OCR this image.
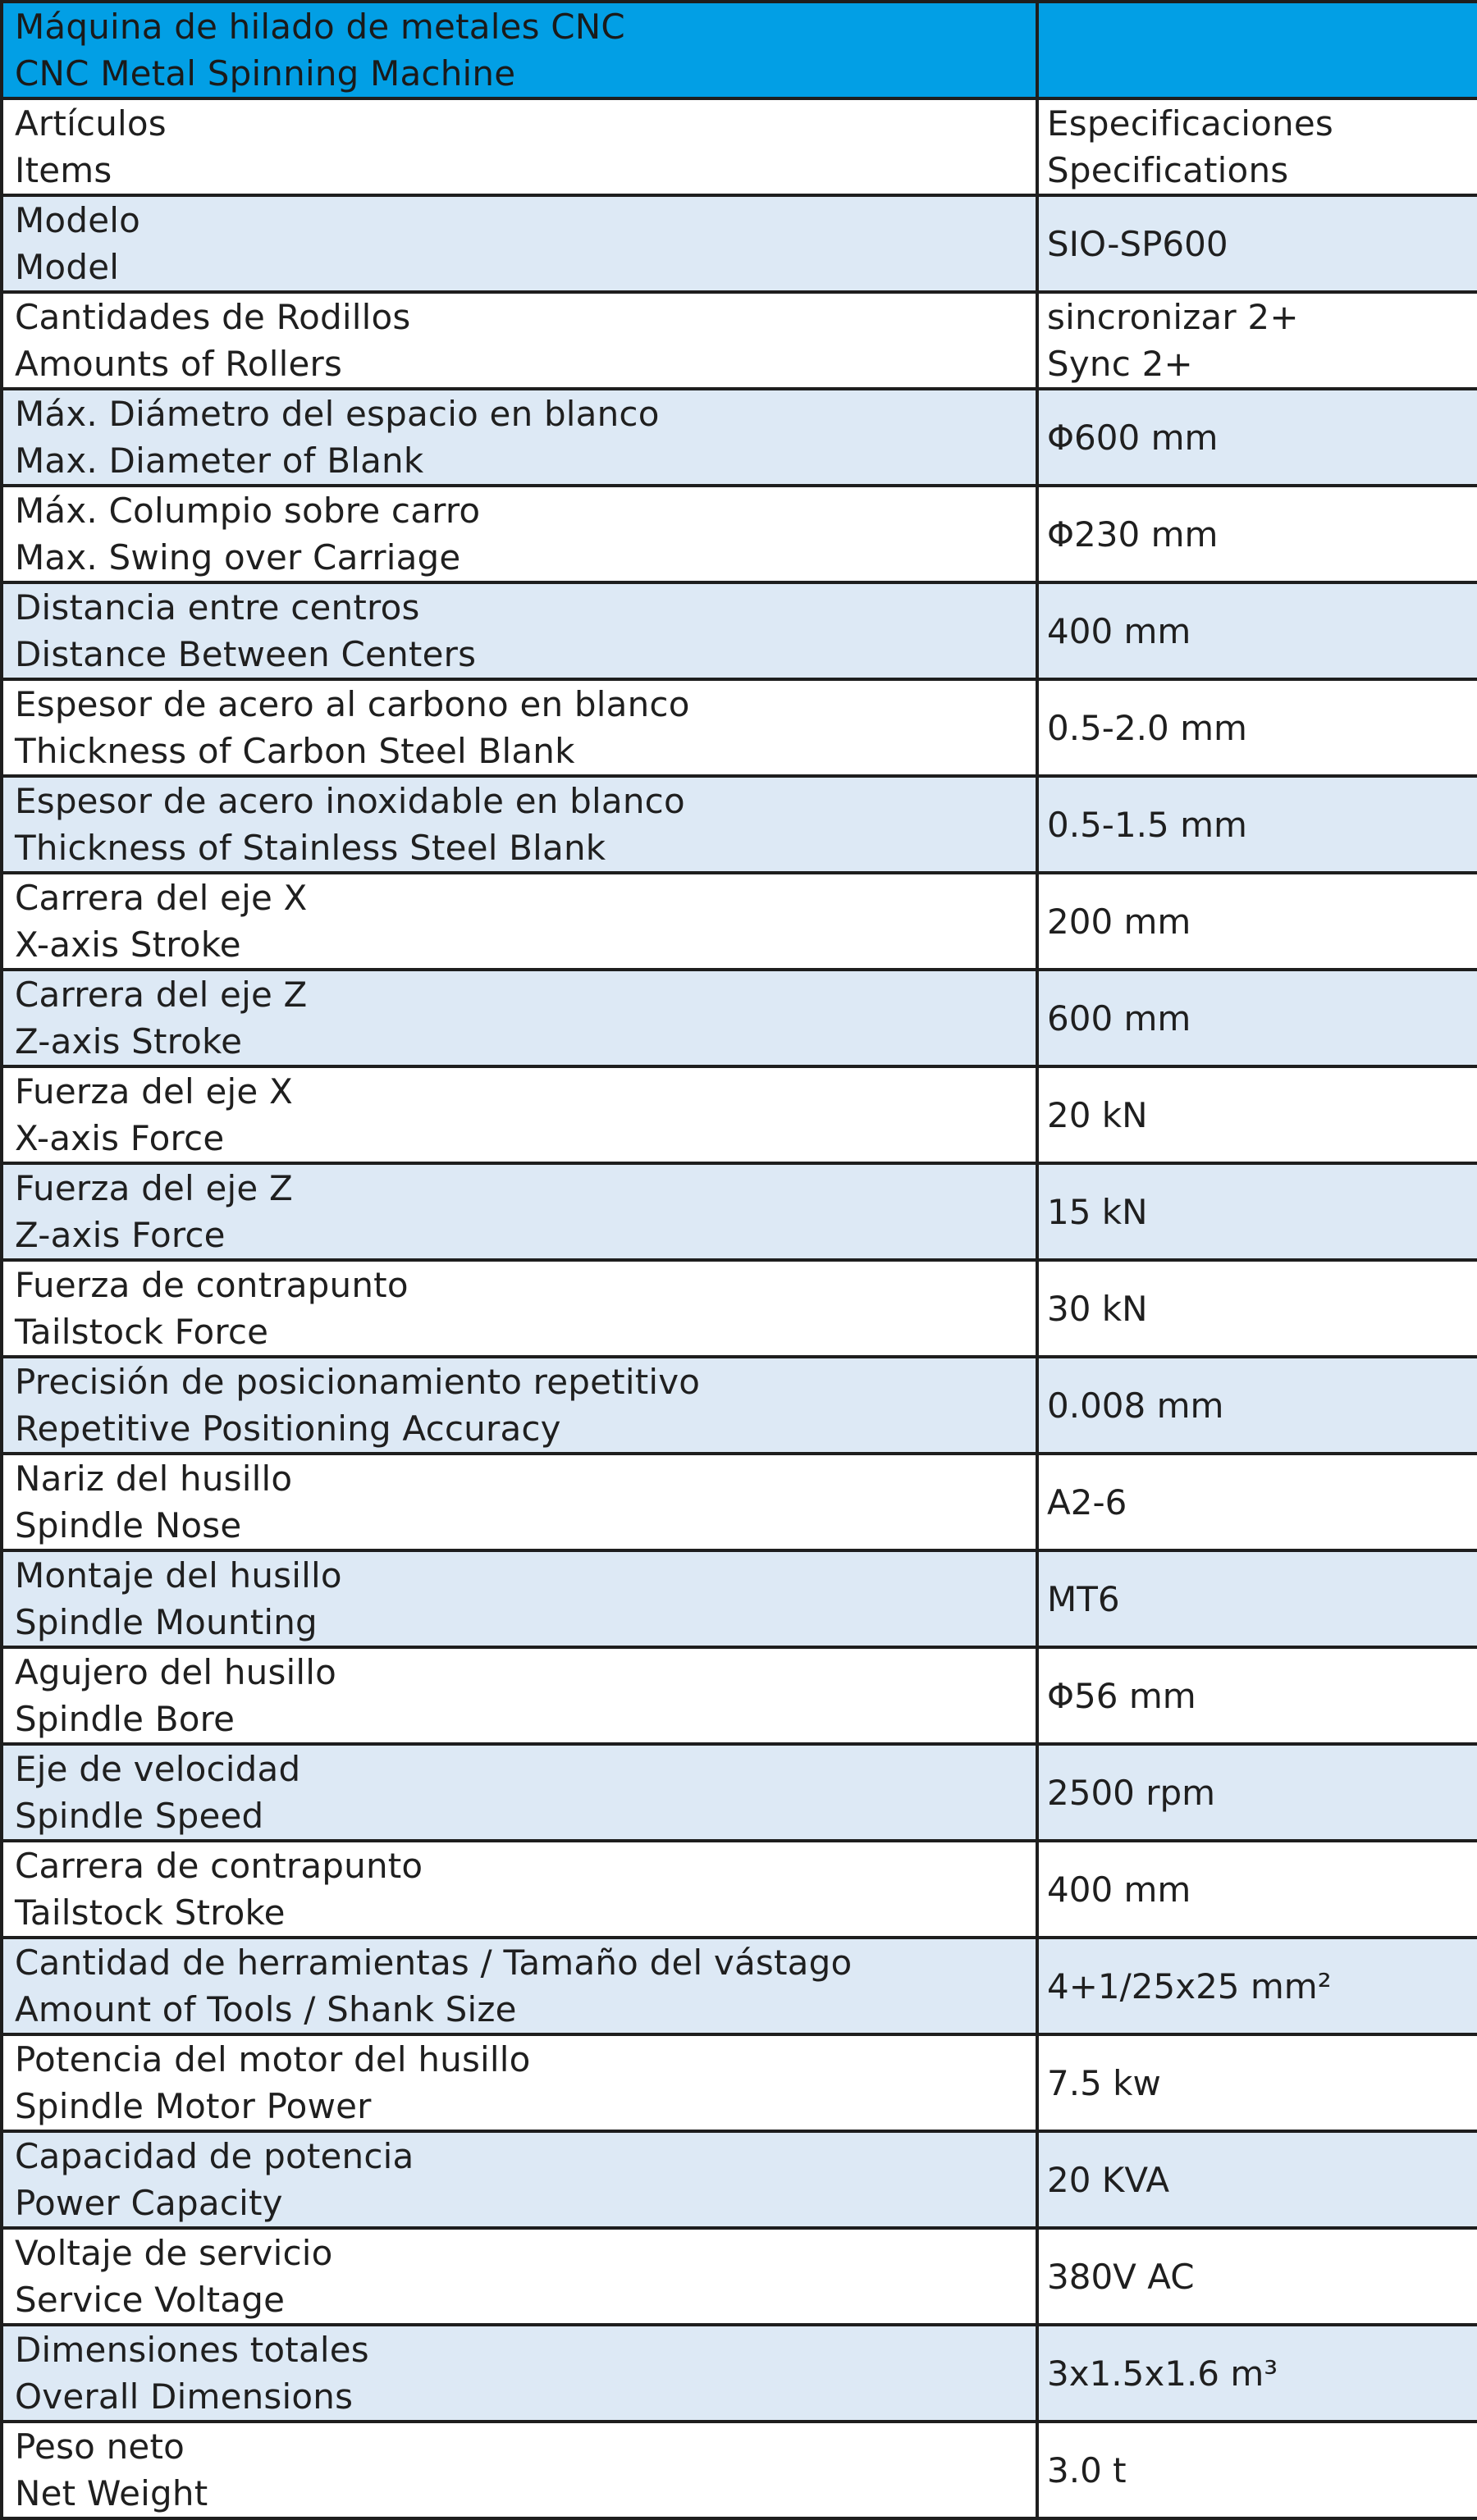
Máquina de hilado de metales CNC
CNC Metal Spinning Machine	

Artículos
Items	Especificaciones
Specifications

Modelo
Model	SIO-SP600

Cantidades de Rodillos
Amounts of Rollers	sincronizar 2+
Sync 2+

Máx. Diámetro del espacio en blanco
Max. Diameter of Blank	Φ600 mm

Máx. Columpio sobre carro
Max. Swing over Carriage	Φ230 mm

Distancia entre centros
Distance Between Centers	400 mm

Espesor de acero al carbono en blanco
Thickness of Carbon Steel Blank	0.5-2.0 mm

Espesor de acero inoxidable en blanco
Thickness of Stainless Steel Blank	0.5-1.5 mm

Carrera del eje X
X-axis Stroke	200 mm

Carrera del eje Z
Z-axis Stroke	600 mm

Fuerza del eje X
X-axis Force	20 kN

Fuerza del eje Z
Z-axis Force	15 kN

Fuerza de contrapunto
Tailstock Force	30 kN

Precisión de posicionamiento repetitivo
Repetitive Positioning Accuracy	0.008 mm

Nariz del husillo
Spindle Nose	A2-6

Montaje del husillo
Spindle Mounting	MT6

Agujero del husillo
Spindle Bore	Φ56 mm

Eje de velocidad
Spindle Speed	2500 rpm

Carrera de contrapunto
Tailstock Stroke	400 mm

Cantidad de herramientas / Tamaño del vástago
Amount of Tools / Shank Size	4+1/25x25 mm²

Potencia del motor del husillo
Spindle Motor Power	7.5 kw

Capacidad de potencia
Power Capacity	20 KVA

Voltaje de servicio
Service Voltage	380V AC

Dimensiones totales
Overall Dimensions	3x1.5x1.6 m³

Peso neto
Net Weight	3.0 t
